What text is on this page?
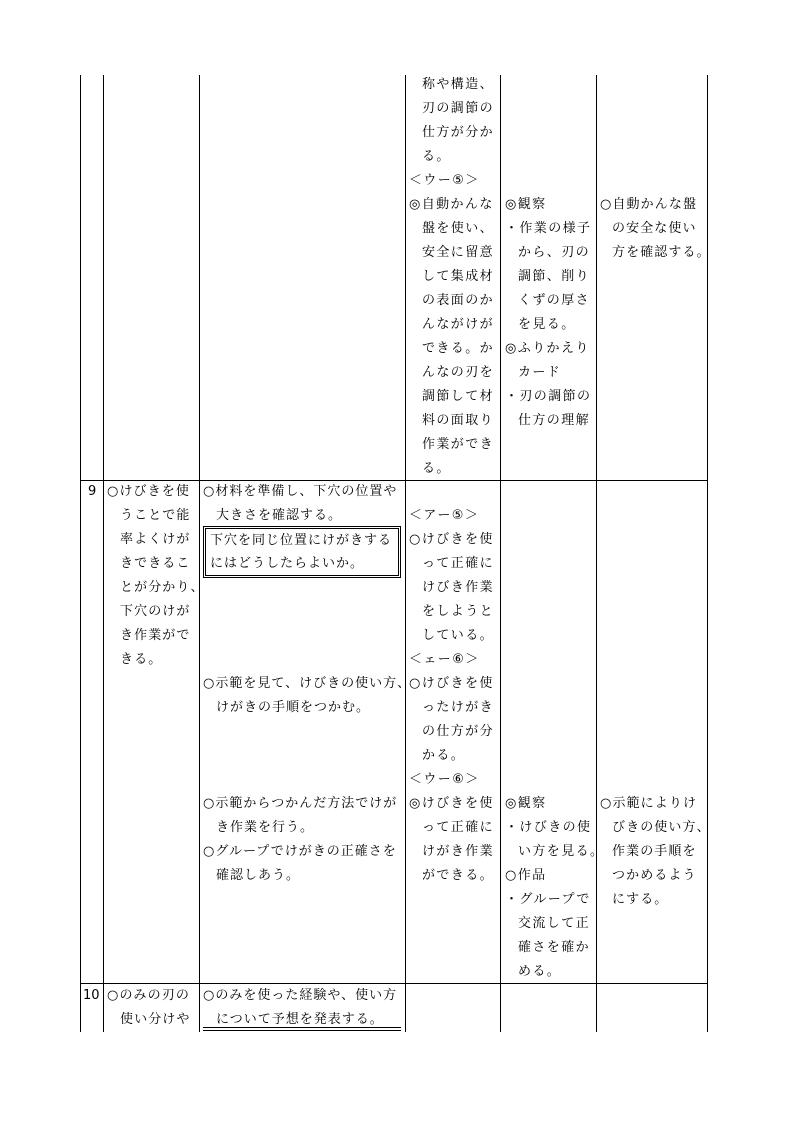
称や構造、
刃の調節の
仕方が分か
る。
＜ウー⑤＞
◎自動かんな
盤を使い、
安全に留意
して集成材
の表面のか
んながけが
できる。か
んなの刃を
調節して材
料の面取り
作業ができ
る。
◎観察
・作業の様子
から、刃の
調節、削り
くずの厚さ
を見る。
◎ふりかえり
カード
・刃の調節の
仕方の理解
○自動かんな盤
の安全な使い
方を確認する。
9 ○けびきを使
うことで能
率よくけが
きできるこ
とが分かり、
下穴のけが
き作業がで
きる。
○材料を準備し、下穴の位置や
大きさを確認する。
下穴を同じ位置にけがきする
にはどうしたらよいか。
○示範を見て、けびきの使い方、
けがきの手順をつかむ。
○示範からつかんだ方法でけが
き作業を行う。
○グループでけがきの正確さを
確認しあう。
＜アー⑤＞
○けびきを使
って正確に
けびき作業
をしようと
している。
＜ェー⑥＞
○けびきを使
ったけがき
の仕方が分
かる。
＜ウー⑥＞
◎けびきを使
って正確に
けがき作業
ができる。
◎観察
・けびきの使
い方を見る。
○作品
・グループで
交流して正
確さを確か
める。
○示範によりけ
びきの使い方、
作業の手順を
つかめるよう
にする。
10 ○のみの刃の
使い分けや
○のみを使った経験や、使い方
について予想を発表する。
